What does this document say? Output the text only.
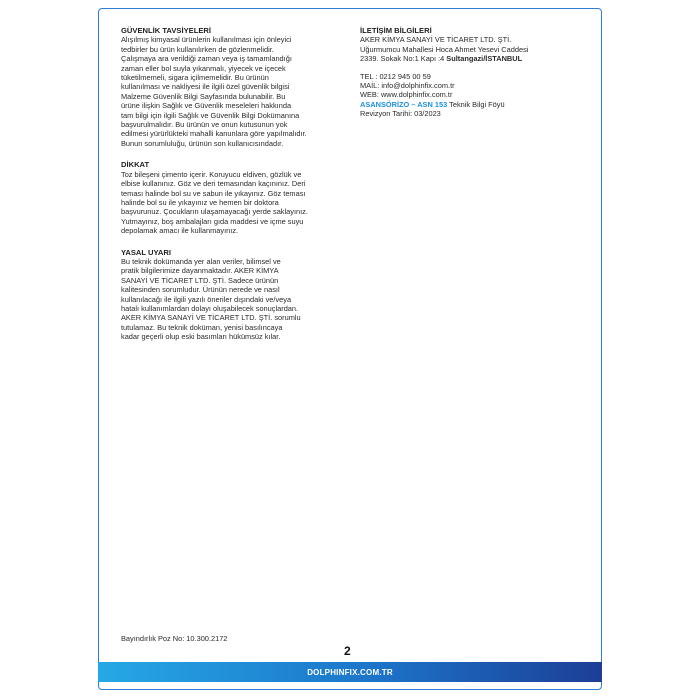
GÜVENLİK TAVSİYELERİ

Alışılmış kimyasal ürünlerin kullanılması için önleyici
tedbirler bu ürün kullanılırken de gözlenmelidir.
Çalışmaya ara verildiği zaman veya iş tamamlandığı
zaman eller bol suyla yıkanmalı, yiyecek ve içecek
tüketilmemeli, sigara içilmemelidir. Bu ürünün
kullanılması ve nakliyesi ile ilgili özel güvenlik bilgisi
Malzeme Güvenlik Bilgi Sayfasında bulunabilir. Bu
ürüne ilişkin Sağlık ve Güvenlik meseleleri hakkında
tam bilgi için ilgili Sağlık ve Güvenlik Bilgi Dokümanına
başvurulmalıdır. Bu ürünün ve onun kutusunun yok
edilmesi yürürlükteki mahalli kanunlara göre yapılmalıdır.
Bunun sorumluluğu, ürünün son kullanıcısındadır.

DİKKAT

Toz bileşeni çimento içerir. Koruyucu eldiven, gözlük ve
elbise kullanınız. Göz ve deri temasından kaçınınız. Deri
teması halinde bol su ve sabun ile yıkayınız. Göz teması
halinde bol su ile yıkayınız ve hemen bir doktora
başvurunuz. Çocukların ulaşamayacağı yerde saklayınız.
Yutmayınız, boş ambalajları gıda maddesi ve içme suyu
depolamak amacı ile kullanmayınız.

YASAL UYARI

Bu teknik dokümanda yer alan veriler, bilimsel ve
pratik bilgilerimize dayanmaktadır. AKER KİMYA
SANAYİ VE TİCARET LTD. ŞTİ. Sadece ürünün
kalitesinden sorumludur. Ürünün nerede ve nasıl
kullanılacağı ile ilgili yazılı öneriler dışındaki ve/veya
hatalı kullanımlardan dolayı oluşabilecek sonuçlardan.
AKER KİMYA SANAYİ VE TİCARET LTD. ŞTİ. sorumlu
tutulamaz. Bu teknik doküman, yenisi basılıncaya
kadar geçerli olup eski basımları hükümsüz kılar.

İLETİŞİM BİLGİLERİ
AKER KİMYA SANAYİ VE TİCARET LTD. ŞTİ.
Uğurmumcu Mahallesi Hoca Ahmet Yesevi Caddesi
2339. Sokak No:1 Kapı :4 Sultangazi/İSTANBUL
TEL : 0212 945 00 59
MAİL: info@dolphinfix.com.tr
WEB: www.dolphinfix.com.tr
ASANSÖRİZO – ASN 153 Teknik Bilgi Föyü
Revizyon Tarihi: 03/2023
Bayındırlık Poz No: 10.300.2172
2
DOLPHINFIX.COM.TR
